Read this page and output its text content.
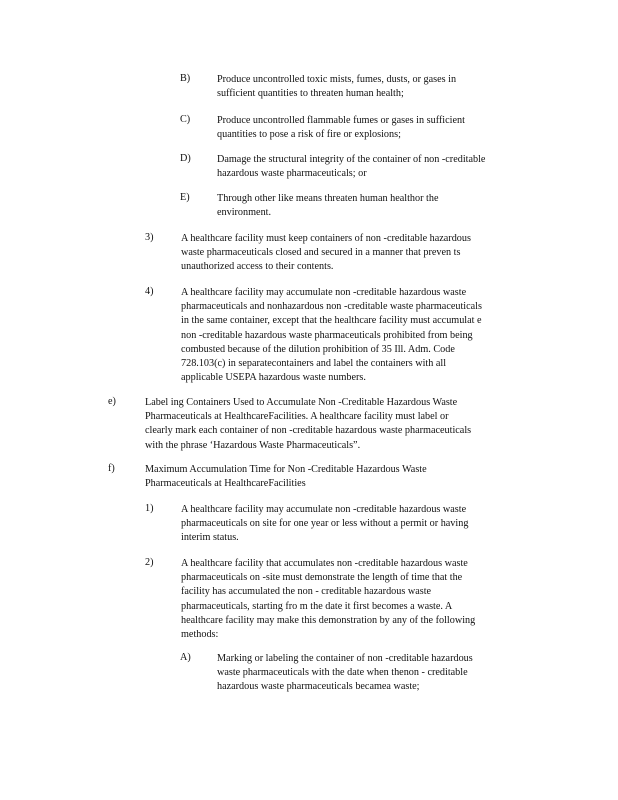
B)	Produce uncontrolled toxic mists, fumes, dusts, or gases in
sufficient quantities to threaten human health;
C)	Produce uncontrolled flammable fumes or gases in sufficient
quantities to pose a risk of fire or explosions;
D)	Damage the structural integrity of the container of non -creditable
hazardous waste pharmaceuticals; or
E)	Through other like means threaten human healthor the
environment.
3)	A healthcare facility must keep containers of non -creditable hazardous
waste pharmaceuticals closed and secured in a manner that preven ts
unauthorized access to their contents.
4)	A healthcare facility may accumulate non -creditable hazardous waste
pharmaceuticals and nonhazardous non -creditable waste pharmaceuticals
in the same container, except that the healthcare facility must accumulat e
non -creditable hazardous waste pharmaceuticals prohibited from being
combusted because of the dilution prohibition of 35 Ill. Adm. Code
728.103(c) in separatecontainers and label the containers with all
applicable USEPA hazardous waste numbers.
e)	Label ing Containers Used to Accumulate Non -Creditable Hazardous Waste
Pharmaceuticals at HealthcareFacilities. A healthcare facility must label or
clearly mark each container of non -creditable hazardous waste pharmaceuticals
with the phrase ‘Hazardous Waste Pharmaceuticals”.
f)	Maximum Accumulation Time for Non -Creditable Hazardous Waste
Pharmaceuticals at HealthcareFacilities
1)	A healthcare facility may accumulate non -creditable hazardous waste
pharmaceuticals on site for one year or less without a permit or having
interim status.
2)	A healthcare facility that accumulates non -creditable hazardous waste
pharmaceuticals on -site must demonstrate the length of time that the
facility has accumulated the non - creditable hazardous waste
pharmaceuticals, starting fro m the date it first becomes a waste. A
healthcare facility may make this demonstration by any of the following
methods:
A)	Marking or labeling the container of non -creditable hazardous
waste pharmaceuticals with the date when thenon - creditable
hazardous waste pharmaceuticals becamea waste;
